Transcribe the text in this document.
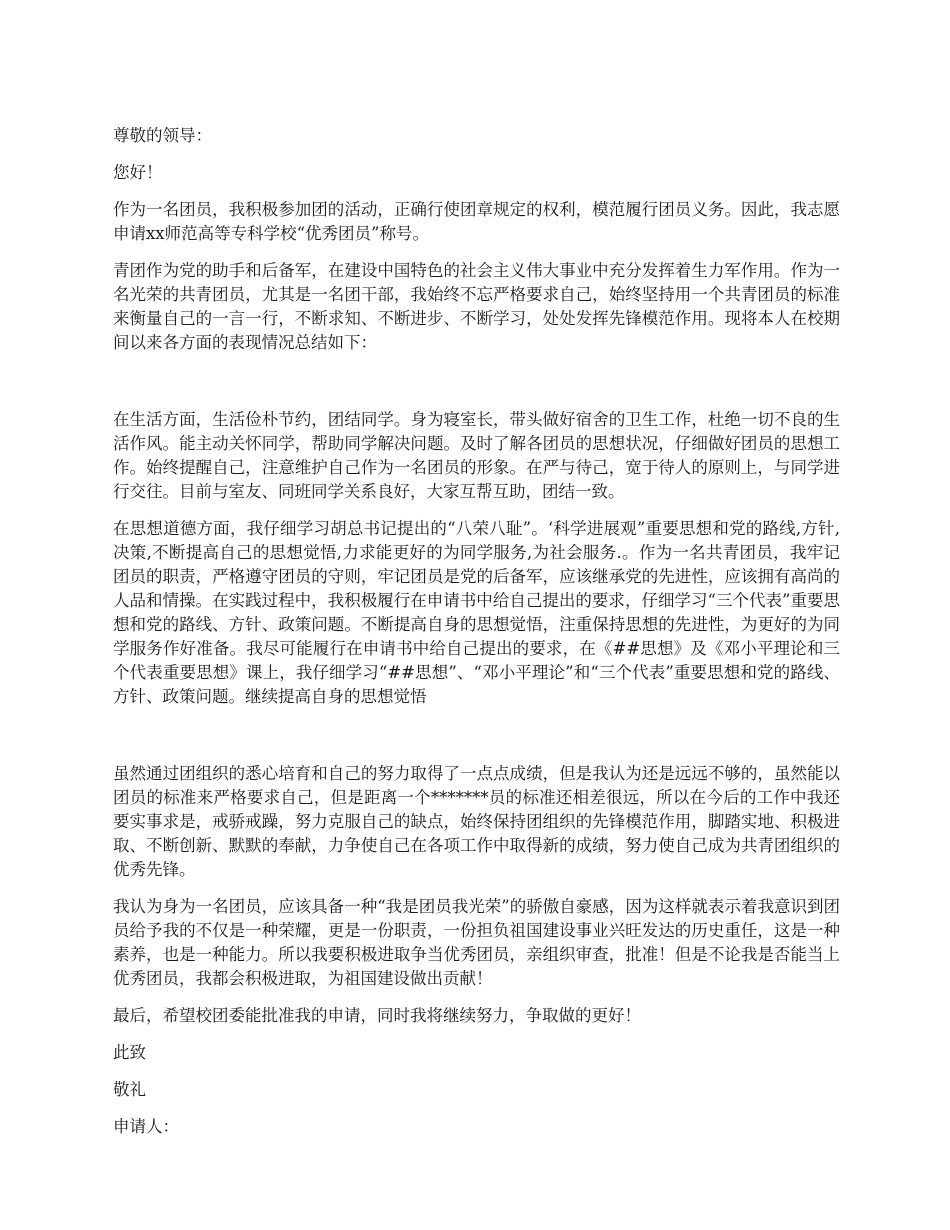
尊敬的领导：

您好！

作为一名团员，我积极参加团的活动，正确行使团章规定的权利，模范履行团员义务。因此，我志愿申请xx师范高等专科学校“优秀团员”称号。

青团作为党的助手和后备军，在建设中国特色的社会主义伟大事业中充分发挥着生力军作用。作为一名光荣的共青团员，尤其是一名团干部，我始终不忘严格要求自己，始终坚持用一个共青团员的标准来衡量自己的一言一行，不断求知、不断进步、不断学习，处处发挥先锋模范作用。现将本人在校期间以来各方面的表现情况总结如下：

在生活方面，生活俭朴节约，团结同学。身为寝室长，带头做好宿舍的卫生工作，杜绝一切不良的生活作风。能主动关怀同学，帮助同学解决问题。及时了解各团员的思想状况，仔细做好团员的思想工作。始终提醒自己，注意维护自己作为一名团员的形象。在严与待己，宽于待人的原则上，与同学进行交往。目前与室友、同班同学关系良好，大家互帮互助，团结一致。

在思想道德方面，我仔细学习胡总书记提出的“八荣八耻”。‘科学进展观”重要思想和党的路线,方针,决策,不断提高自己的思想觉悟,力求能更好的为同学服务,为社会服务.。作为一名共青团员，我牢记团员的职责，严格遵守团员的守则，牢记团员是党的后备军，应该继承党的先进性，应该拥有高尚的人品和情操。在实践过程中，我积极履行在申请书中给自己提出的要求，仔细学习“三个代表”重要思想和党的路线、方针、政策问题。不断提高自身的思想觉悟，注重保持思想的先进性，为更好的为同学服务作好准备。我尽可能履行在申请书中给自己提出的要求，在《##思想》及《邓小平理论和三个代表重要思想》课上，我仔细学习“##思想”、“邓小平理论”和“三个代表”重要思想和党的路线、方针、政策问题。继续提高自身的思想觉悟

虽然通过团组织的悉心培育和自己的努力取得了一点点成绩，但是我认为还是远远不够的，虽然能以团员的标准来严格要求自己，但是距离一个*******员的标准还相差很远，所以在今后的工作中我还要实事求是，戒骄戒躁，努力克服自己的缺点，始终保持团组织的先锋模范作用，脚踏实地、积极进取、不断创新、默默的奉献，力争使自己在各项工作中取得新的成绩，努力使自己成为共青团组织的优秀先锋。

我认为身为一名团员，应该具备一种“我是团员我光荣”的骄傲自豪感，因为这样就表示着我意识到团员给予我的不仅是一种荣耀，更是一份职责，一份担负祖国建设事业兴旺发达的历史重任，这是一种素养，也是一种能力。所以我要积极进取争当优秀团员，亲组织审查，批准！但是不论我是否能当上优秀团员，我都会积极进取，为祖国建设做出贡献！

最后，希望校团委能批准我的申请，同时我将继续努力，争取做的更好！

此致

敬礼

申请人：
